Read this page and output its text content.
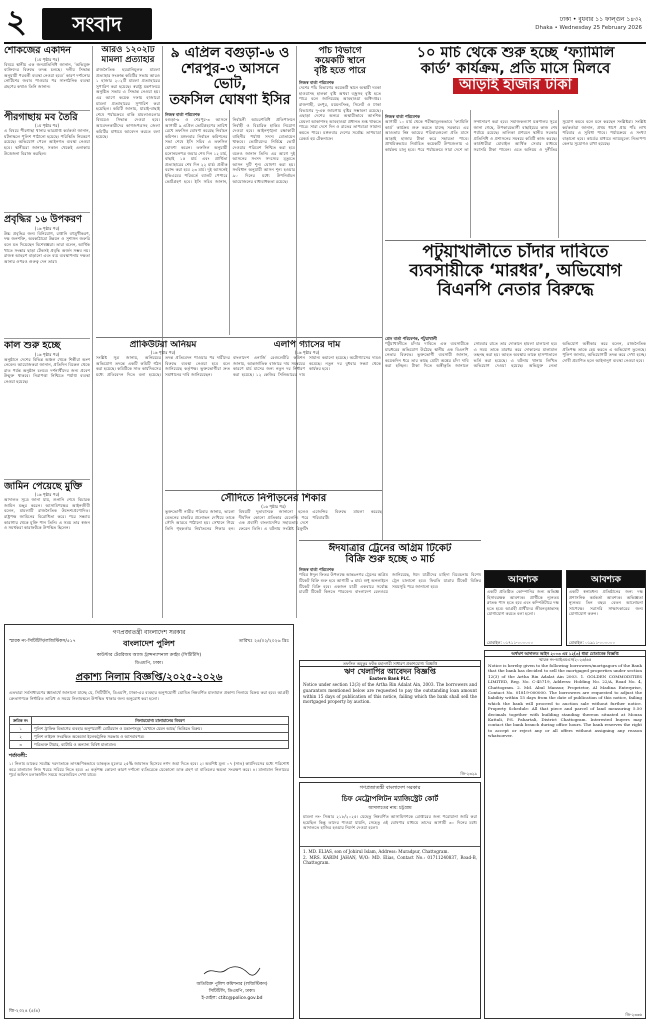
২	সংবাদ	ঢাকা • বুধবার ১১ ফাল্গুন ১৪৩২
Dhaka • Wednesday 25 February 2026
শোকজের একদিন
(১ম পৃষ্ঠার পর)
বিষয়ে স্থানীয় এক জনপ্রতিনিধি জানান, ‘অভিযুক্ত ব্যক্তিদের বিরুদ্ধে তদন্ত চলছে। দলীয় সিদ্ধান্ত অনুযায়ী পরবর্তী ব্যবস্থা নেওয়া হবে।’ কারণ দর্শানোর নোটিশের জবাব পাওয়ার পর সাংগঠনিক ব্যবস্থা গ্রহণের কথাও তিনি জানান।
পীরগাছায় মব তৈরি
(১ম পৃষ্ঠার পর)
এ বিষয়ে পীরগাছা থানার ভারপ্রাপ্ত কর্মকর্তা জানান, ঘটনাস্থলে পুলিশ পাঠানো হয়েছে। পরিস্থিতি নিয়ন্ত্রণে রয়েছে। অভিযোগ পেলে আইনগত ব্যবস্থা নেওয়া হবে। স্থানীয়রা জানান, সকাল থেকেই এলাকায় উত্তেজনা বিরাজ করছিল।
প্রবৃদ্ধির ১৬ উপকরণ
(১৬ পৃষ্ঠার পর)
উচ্চ প্রবৃদ্ধির জন্য বিনিয়োগ, রপ্তানি বহুমুখীকরণ, দক্ষ জনশক্তি, অবকাঠামো উন্নয়ন ও সুশাসন জরুরি বলে মত দিয়েছেন বিশেষজ্ঞরা। তারা বলেন, আর্থিক খাতে সংস্কার ছাড়া টেকসই প্রবৃদ্ধি অর্জন সম্ভব নয়। রাজস্ব আহরণ বাড়ানো এবং ব্যয় ব্যবস্থাপনায় দক্ষতা আনার ওপরও গুরুত্ব দেন তারা।
কাল শুরু হচ্ছে
(১৬ পৃষ্ঠার পর)
অনুষ্ঠানে দেশের বিভিন্ন অঞ্চল থেকে শিল্পীরা অংশ নেবেন। আয়োজকরা জানান, প্রতিদিন বিকেল থেকে রাত পর্যন্ত অনুষ্ঠান চলবে। দর্শনার্থীদের জন্য প্রবেশ উন্মুক্ত থাকবে। নিরাপত্তা নিশ্চিতে পর্যাপ্ত ব্যবস্থা নেওয়া হয়েছে।
জামিন পেয়েছে মুক্তি
(১৬ পৃষ্ঠার পর)
আদালত সূত্রে জানা যায়, শুনানি শেষে বিচারক জামিন মঞ্জুর করেন। আসামিপক্ষের আইনজীবী বলেন, মামলাটি রাজনৈতিক উদ্দেশ্যপ্রণোদিত। রাষ্ট্রপক্ষ জামিনের বিরোধিতা করে। পরে সন্ধ্যায় কারাগার থেকে মুক্তি পান তিনি। এ সময় তার স্বজন ও সমর্থকরা কারাফটকে উপস্থিত ছিলেন।
আরও ১২০২টি মামলা প্রত্যাহার
রাজনৈতিক হয়রানিমূলক মামলা প্রত্যাহার সংক্রান্ত কমিটির সভায় আরও ১ হাজার ২০২টি মামলা প্রত্যাহারের সুপারিশ করা হয়েছে। স্বরাষ্ট্র মন্ত্রণালয়ে অনুষ্ঠিত সভায় এ সিদ্ধান্ত নেওয়া হয়। এর আগে কয়েক দফায় হাজারো মামলা প্রত্যাহারের সুপারিশ করা হয়েছিল। কমিটি জানায়, যাচাই-বাছাই শেষে পর্যায়ক্রমে বাকি মামলাগুলোর বিষয়েও সিদ্ধান্ত দেওয়া হবে। আবেদনকারীদের কাগজপত্রসহ জেলা কমিটির মাধ্যমে আবেদন করতে বলা হয়েছে।
৯ এপ্রিল বগুড়া-৬ ও
শেরপুর-৩ আসনে ভোট,
তফসিল ঘোষণা ইসির
নিজস্ব বার্তা পরিবেশক
বগুড়া-৬ ও শেরপুর-৩ আসনে আগামী ৯ এপ্রিল ভোটগ্রহণের তারিখ রেখে তফসিল ঘোষণা করেছে নির্বাচন কমিশন। মঙ্গলবার নির্বাচন কমিশনের সভা শেষে ইসি সচিব এ তফসিল ঘোষণা করেন। তফসিল অনুযায়ী মনোনয়নপত্র জমার শেষ দিন ১২ মার্চ, বাছাই ১৫ মার্চ এবং প্রার্থিতা প্রত্যাহারের শেষ দিন ২২ মার্চ। প্রতীক বরাদ্দ করা হবে ২৩ মার্চ। দুই আসনেই ইভিএমের পরিবর্তে ব্যালট পেপারে ভোটগ্রহণ হবে। ইসি সচিব জানান, নির্বাচনী আচরণবিধি প্রতিপালনে নির্বাহী ও বিচারিক হাকিম নিয়োগ দেওয়া হবে। আইনশৃঙ্খলা রক্ষাকারী বাহিনীর পর্যাপ্ত সদস্য মোতায়েন থাকবে। ভোটারদের নির্বিঘ্নে ভোট দেওয়ার পরিবেশ নিশ্চিত করা হবে বলেও জানান তিনি। এর আগে দুই আসনের সংসদ সদস্যের মৃত্যুতে আসন দুটি শূন্য ঘোষণা করা হয়। সংবিধান অনুযায়ী আসন শূন্য হওয়ার ৯০ দিনের মধ্যে উপনির্বাচন আয়োজনের বাধ্যবাধকতা রয়েছে।
পাঁচ বিভাগে
কয়েকটি স্থানে
বৃষ্টি হতে পারে
নিজস্ব বার্তা পরিবেশক
দেশের পাঁচ বিভাগের কয়েকটি স্থানে অস্থায়ী দমকা হাওয়াসহ হালকা বৃষ্টি অথবা বজ্রসহ বৃষ্টি হতে পারে বলে জানিয়েছে আবহাওয়া অধিদপ্তর। রাজশাহী, রংপুর, ময়মনসিংহ, সিলেট ও ঢাকা বিভাগের দু-এক জায়গায় বৃষ্টির সম্ভাবনা রয়েছে। এছাড়া দেশের অন্যত্র অস্থায়ীভাবে আংশিক মেঘলা আকাশসহ আবহাওয়া প্রধানত শুষ্ক থাকতে পারে। সারা দেশে দিন ও রাতের তাপমাত্রা সামান্য কমতে পারে। মঙ্গলবার দেশের সর্বোচ্চ তাপমাত্রা রেকর্ড হয় টেকনাফে।
১০ মার্চ থেকে শুরু হচ্ছে ‘ফ্যামিলি
কার্ড’ কার্যক্রম, প্রতি মাসে মিলবে
আড়াই হাজার টাকা
নিজস্ব বার্তা পরিবেশক
আগামী ১০ মার্চ থেকে পরীক্ষামূলকভাবে ‘ফ্যামিলি কার্ড’ কার্যক্রম শুরু করতে যাচ্ছে সরকার। এর আওতায় নিম্ন আয়ের পরিবারগুলো প্রতি মাসে আড়াই হাজার টাকা করে সহায়তা পাবে। প্রাথমিকভাবে নির্বাচিত কয়েকটি উপজেলায় এ কার্যক্রম চালু হবে। পরে পর্যায়ক্রমে সারা দেশে তা সম্প্রসারণ করা হবে। সমাজকল্যাণ মন্ত্রণালয় সূত্রে জানা গেছে, উপকারভোগী বাছাইয়ের কাজ শেষ পর্যায়ে রয়েছে। তালিকা প্রণয়নে স্থানীয় সরকার প্রতিনিধি ও প্রশাসনের সমন্বয়ে কমিটি কাজ করছে। কার্ডধারীরা মোবাইল আর্থিক সেবার মাধ্যমে সরাসরি টাকা পাবেন। এতে অনিয়ম ও দুর্নীতির সুযোগ কমবে বলে মনে করছেন সংশ্লিষ্টরা। সংশ্লিষ্ট কর্মকর্তারা জানান, প্রথম ধাপে প্রায় পাঁচ লাখ পরিবার এ সুবিধা পাবে। পর্যায়ক্রমে এ সংখ্যা বাড়ানো হবে। কার্ডের মাধ্যমে ন্যায্যমূল্যে নিত্যপণ্য কেনার সুযোগও রাখা হয়েছে।
পটুয়াখালীতে চাঁদার দাবিতে
ব্যবসায়ীকে ‘মারধর’, অভিযোগ
বিএনপি নেতার বিরুদ্ধে
প্রেস বার্তা পরিবেশক, পটুয়াখালী
পটুয়াখালীতে চাঁদার দাবিতে এক ব্যবসায়ীকে মারধরের অভিযোগ উঠেছে স্থানীয় এক বিএনপি নেতার বিরুদ্ধে। ভুক্তভোগী ব্যবসায়ী জানান, কয়েকদিন ধরে তার কাছে মোটা অঙ্কের চাঁদা দাবি করা হচ্ছিল। টাকা দিতে অস্বীকৃতি জানালে সোমবার রাতে তার দোকানে হামলা চালানো হয়। এ সময় তাকে মারধর করে দোকানের মালামাল তছনছ করা হয়। আহত অবস্থায় তাকে হাসপাতালে ভর্তি করা হয়েছে। এ ঘটনায় থানায় লিখিত অভিযোগ দেওয়া হয়েছে। অভিযুক্ত নেতা অভিযোগ অস্বীকার করে বলেন, রাজনৈতিক প্রতিপক্ষ তাকে হেয় করতে এ অভিযোগ তুলেছে। পুলিশ জানায়, অভিযোগটি তদন্ত করে দেখা হচ্ছে। দোষী প্রমাণিত হলে আইনানুগ ব্যবস্থা নেওয়া হবে।
প্রাকিউটরা অনিয়ম
(১৬ পৃষ্ঠার পর)
সংশ্লিষ্ট সূত্র জানায়, অনিয়মের অভিযোগ তদন্তে একটি কমিটি গঠন করা হয়েছে। কমিটিকে সাত কার্যদিবসের মধ্যে প্রতিবেদন দিতে বলা হয়েছে। তদন্ত প্রতিবেদন পাওয়ার পর দায়ীদের বিরুদ্ধে ব্যবস্থা নেওয়া হবে বলে জানিয়েছে কর্তৃপক্ষ। ভুক্তভোগীরা দ্রুত সমাধানের দাবি জানিয়েছেন।
এলপি গ্যাসের দাম
(১৬ পৃষ্ঠার পর)
বাংলাদেশ এনার্জি রেগুলেটরি কমিশন জানায়, আন্তর্জাতিক বাজারে দাম সমন্বয়ের কারণে মার্চ মাসের জন্য নতুন দর নির্ধারণ করা হয়েছে। ১২ কেজির সিলিন্ডারের দাম সামান্য কমানো হয়েছে। অটোগ্যাসের দামও কমেছে। নতুন দর বুধবার সন্ধ্যা থেকে কার্যকর হবে।
সৌদিতে নিপীড়নের শিকার
(১৬ পৃষ্ঠার পর)
ভুক্তভোগী নারীর পরিবার জানায়, ভালো বেতনের চাকরির প্রলোভন দেখিয়ে তাকে সৌদি আরবে পাঠানো হয়। সেখানে গিয়ে তিনি গৃহকর্তার নির্যাতনের শিকার হন। বিষয়টি দূতাবাসকে জানানো হলেও দীর্ঘদিন কোনো প্রতিকার মেলেনি। পরে এক প্রবাসী বাংলাদেশির সহায়তায় দেশে ফেরেন তিনি। এ ঘটনায় সংশ্লিষ্ট রিক্রুটিং এজেন্সির বিরুদ্ধে মামলা করেছে পরিবারটি।
ঈদযাত্রার ট্রেনের অগ্রিম টিকেট
বিক্রি শুরু হচ্ছে ৩ মার্চ
নিজস্ব বার্তা পরিবেশক
পবিত্র ঈদুল ফিতর উপলক্ষে আন্তঃনগর ট্রেনের অগ্রিম টিকেট বিক্রি শুরু হবে আগামী ৩ মার্চ। শুধু অনলাইনে টিকেট বিক্রি হবে। একজন যাত্রী একবারে সর্বোচ্চ চারটি টিকেট কিনতে পারবেন। বাংলাদেশ রেলওয়ে জানিয়েছে, ঈদে যাত্রীদের চাহিদা বিবেচনায় বিশেষ ট্রেন চালানো হবে। ফিরতি যাত্রার টিকেট বিক্রির সময়সূচি পরে জানানো হবে।
আবশ্যক
একটি প্রতিষ্ঠিত কোম্পানির জন্য অভিজ্ঞ হিসাবরক্ষক আবশ্যক। প্রার্থীকে ন্যূনতম স্নাতক পাস হতে হবে এবং কম্পিউটারে দক্ষ হতে হবে। আগ্রহী প্রার্থীদের জীবনবৃত্তান্তসহ যোগাযোগ করতে বলা হলো।
মোবাইল: ০১৭১১-০০০০০০
আবশ্যক
একটি স্বনামধন্য প্রতিষ্ঠানের জন্য দক্ষ প্রশাসনিক কর্মকর্তা আবশ্যক। অভিজ্ঞতা ন্যূনতম তিন বছর। বেতন আলোচনা সাপেক্ষে। সরাসরি সাক্ষাৎকারের জন্য যোগাযোগ করুন।
মোবাইল: ০১৯১১-০০০০০০
তফসিল অমুকুর ফটক মহানগরী সাধারণ প্রকাশযোগ্য বিজ্ঞপ্তি
ঋণ খেলাপির আবেদন বিজ্ঞপ্তি
Eastern Bank PLC.
Notice under section 12(3) of the Artha Rin Adalat Ain, 2003. The borrowers and guarantors mentioned below are requested to pay the outstanding loan amount within 15 days of publication of this notice, failing which the bank shall sell the mortgaged property by auction.
জি-২৩২৯
অর্থঋণ আদালত আইন ২০০৩ এর ১২(৩) ধারা মোতাবেক বিজ্ঞপ্তি
স্মারক নং-আইএমএস/২০২৬/৬৫
Notice is hereby given to the following borrowers/mortgagors of the Bank that the bank has decided to sell the mortgaged properties under section 12(3) of the Artha Rin Adalat Ain 2003. 1. GOLDEN COMMODITIES LIMITED, Reg. No. C-45719, Address: Holding No. 22/A, Road No. 4, Chattogram. 2. Md. Abul Mansur, Proprietor, Al Madina Enterprise, Contact No. 01819-000000. The borrowers are requested to adjust the liability within 15 days from the date of publication of this notice, failing which the bank will proceed to auction sale without further notice. Property Schedule: All that piece and parcel of land measuring 5.50 decimals together with building standing thereon situated at Mouza Kattali, P.S. Pahartali, District Chattogram. Interested buyers may contact the bank branch during office hours. The bank reserves the right to accept or reject any or all offers without assigning any reason whatsoever.
জি-২৩৩৬
স্মারক নং-সিটিটিসি/লজিস্টিকস/৫১৭	তারিখঃ ২৪/০২/২০২৬ খ্রিঃ
গণপ্রজাতন্ত্রী বাংলাদেশ সরকার
বাংলাদেশ পুলিশ
কাউন্টার টেররিজম অ্যান্ড ট্রান্সন্যাশনাল ক্রাইম (সিটিটিসি)
ডিএমপি, ঢাকা।
প্রকাশ্য নিলাম বিজ্ঞপ্তি/২০২৫-২০২৬
এতদ্বারা সর্বসাধারণের জ্ঞাতার্থে জানানো যাচ্ছে যে, সিটিটিসি, ডিএমপি, ঢাকা-এর ব্যবহার অনুপযোগী ঘোষিত নিম্নবর্ণিত মালামাল প্রকাশ্য নিলামে বিক্রয় করা হবে। আগ্রহী ক্রেতাগণকে নির্ধারিত তারিখ ও সময়ে নিলামস্থলে উপস্থিত থাকার জন্য অনুরোধ করা হলো।
ক্রমিক নং	নিলামযোগ্য মালামালের বিবরণ
১	পুলিশ ট্রাফিক বিভাগের ব্যবহার অনুপযোগী মোটরযান ও যন্ত্রাংশসমূহ ‘যেখানে যেমন আছে’ ভিত্তিতে বিক্রয়।
২	পুলিশ লাইন্সে সংরক্ষিত অকেজো ইলেকট্রনিক সরঞ্জাম ও আসবাবপত্র।
৩	পরিত্যক্ত টায়ার, ব্যাটারি ও অন্যান্য বিবিধ মালামাল।
শর্তাবলী:
১। নিলাম ডাকের সর্বোচ্চ দরদাতাকে তাৎক্ষণিকভাবে ডাককৃত মূল্যের ২৫% জামানত হিসেবে নগদ জমা দিতে হবে। ২। অবশিষ্ট মূল্য ০৭ (সাত) কার্যদিবসের মধ্যে পরিশোধ করে মালামাল নিজ খরচে সরিয়ে নিতে হবে। ৩। কর্তৃপক্ষ কোনো কারণ দর্শানো ব্যতিরেকে যেকোনো ডাক গ্রহণ বা বাতিলের ক্ষমতা সংরক্ষণ করে। ৪। মালামাল নিলামের পূর্বে অফিস চলাকালীন সময়ে সরেজমিনে দেখা যাবে।
অতিরিক্ত পুলিশ কমিশনার (লজিস্টিকস)
সিটিটিসি, ডিএমপি, ঢাকা।
ই-মেইল: ctitc@police.gov.bd
জি-২৩২৪ (৫/৪)
গণপ্রজাতন্ত্রী বাংলাদেশ সরকার
চিফ মেট্রোপলিটন ম্যাজিস্ট্রেট কোর্ট
আদালতের নাম: চট্টগ্রাম
মামলা নং- সিআর ২১৮/২০২৫। যেহেতু নিম্নবর্ণিত আসামিগণকে গ্রেপ্তারের জন্য পরোয়ানা জারি করা হয়েছিল কিন্তু তাদের পাওয়া যায়নি, সেহেতু এই ঘোষণার মাধ্যমে তাদের আগামী ৩০ দিনের মধ্যে আদালতে হাজির হওয়ার নির্দেশ দেওয়া হলো।
1. MD. ELIAS, son of Johirul Islam, Address: Muradpur, Chattogram.
2. MRS. KARIM JAHAN, W/O: MD. Elias, Contact No.: 01711240837, Road-B, Chattogram.
